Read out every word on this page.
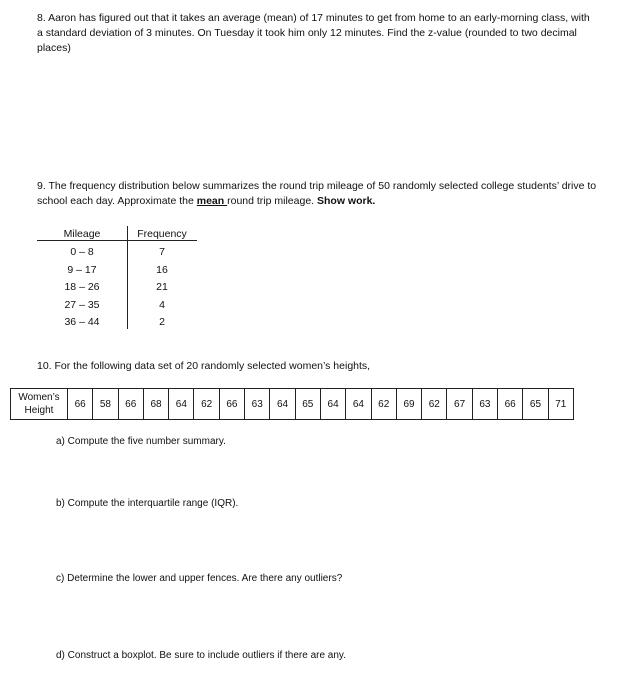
8. Aaron has figured out that it takes an average (mean) of 17 minutes to get from home to an early-morning class, with a standard deviation of 3 minutes. On Tuesday it took him only 12 minutes. Find the z-value (rounded to two decimal places)
9. The frequency distribution below summarizes the round trip mileage of 50 randomly selected college students’ drive to school each day. Approximate the mean round trip mileage. Show work.
Mileage	Frequency
0 – 8	7
9 – 17	16
18 – 26	21
27 – 35	4
36 – 44	2
10. For the following data set of 20 randomly selected women’s heights,
Women’s
Height	66	58	66	68	64	62	66	63	64	65	64	64	62	69	62	67	63	66	65	71
a) Compute the five number summary.
b) Compute the interquartile range (IQR).
c) Determine the lower and upper fences. Are there any outliers?
d) Construct a boxplot. Be sure to include outliers if there are any.
